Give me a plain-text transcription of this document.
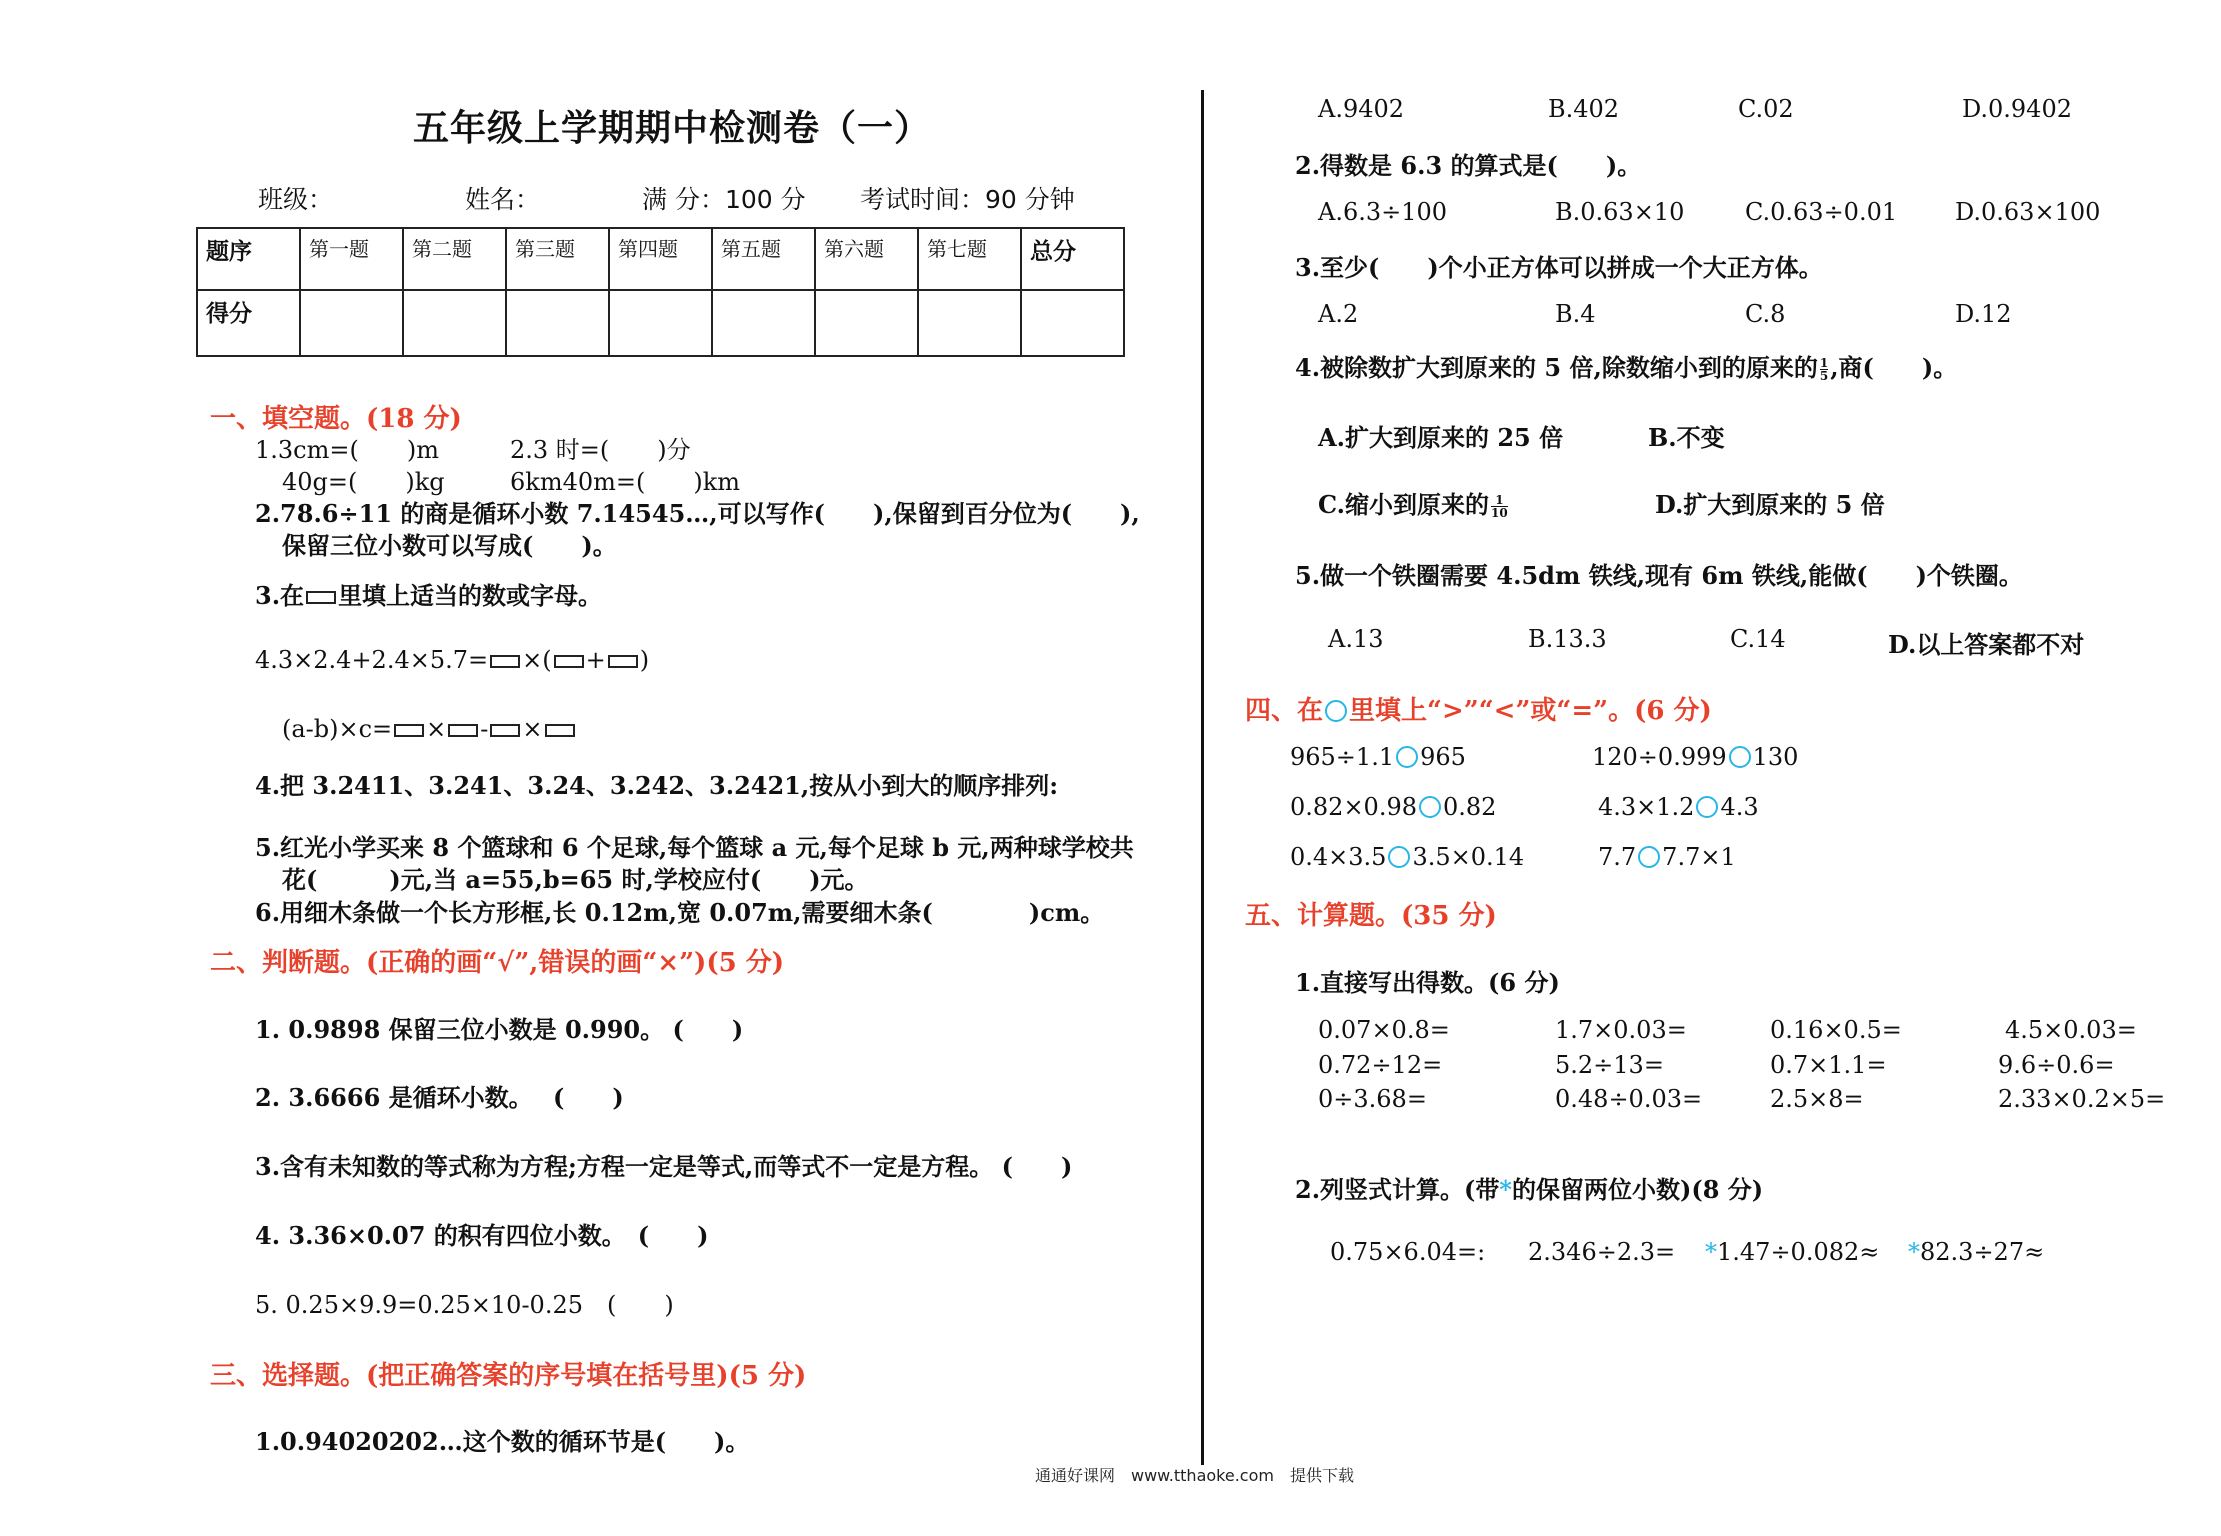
五年级上学期期中检测卷（一）
班级：	姓名：	满 分：100 分 考试时间：90 分钟
题序	第一题	第二题	第三题	第四题	第五题	第六题	第七题	总分
得分								
一、填空题。(18 分)
1.3cm=(　　)m	2.3 时=(　　)分
40g=(　　)kg	6km40m=(　　)km
2.78.6÷11 的商是循环小数 7.14545…,可以写作(　　),保留到百分位为(　　),
保留三位小数可以写成(　　)。
3.在 里填上适当的数或字母。
4.3×2.4+2.4×5.7= ×( + )
(a-b)×c= × - ×
4.把 3.2411、3.241、3.24、3.242、3.2421,按从小到大的顺序排列:
5.红光小学买来 8 个篮球和 6 个足球,每个篮球 a 元,每个足球 b 元,两种球学校共
花(　　　)元,当 a=55,b=65 时,学校应付(　　)元。
6.用细木条做一个长方形框,长 0.12m,宽 0.07m,需要细木条(　　　　)cm。
二、判断题。(正确的画“√”,错误的画“×”)(5 分)
1. 0.9898 保留三位小数是 0.990。 (　　)
2. 3.6666 是循环小数。　 (　　)
3.含有未知数的等式称为方程;方程一定是等式,而等式不一定是方程。 (　　)
4. 3.36×0.07 的积有四位小数。　(　　)
5. 0.25×9.9=0.25×10-0.25　(　　)
三、选择题。(把正确答案的序号填在括号里)(5 分)
1.0.94020202…这个数的循环节是(　　)。
A.9402	B.402	C.02	D.0.9402
2.得数是 6.3 的算式是(　　)。
A.6.3÷100	B.0.63×10	C.0.63÷0.01 D.0.63×100
3.至少(　　)个小正方体可以拼成一个大正方体。
A.2	B.4	C.8	D.12
4.被除数扩大到原来的 5 倍,除数缩小到的原来的 $\frac{1}{5}$ ,商(　　)。
A.扩大到原来的 25 倍	B.不变
C.缩小到原来的 $\frac{1}{10}$	D.扩大到原来的 5 倍
5.做一个铁圈需要 4.5dm 铁线,现有 6m 铁线,能做(　　)个铁圈。
A.13	B.13.3	C.14	D.以上答案都不对
四、在 里填上“>”“<”或“=”。(6 分)
965÷1.1 965	120÷0.999 130
0.82×0.98 0.82	4.3×1.2 4.3
0.4×3.5 3.5×0.14	7.7 7.7×1
五、计算题。(35 分)
1.直接写出得数。(6 分)
0.07×0.8=	1.7×0.03=	0.16×0.5=	4.5×0.03=
0.72÷12=	5.2÷13=	0.7×1.1=	9.6÷0.6=
0÷3.68=	0.48÷0.03=	2.5×8=	2.33×0.2×5=
2.列竖式计算。(带*的保留两位小数)(8 分)
0.75×6.04=: 2.346÷2.3= *1.47÷0.082≈ *82.3÷27≈
通通好课网　www.tthaoke.com　提供下载
